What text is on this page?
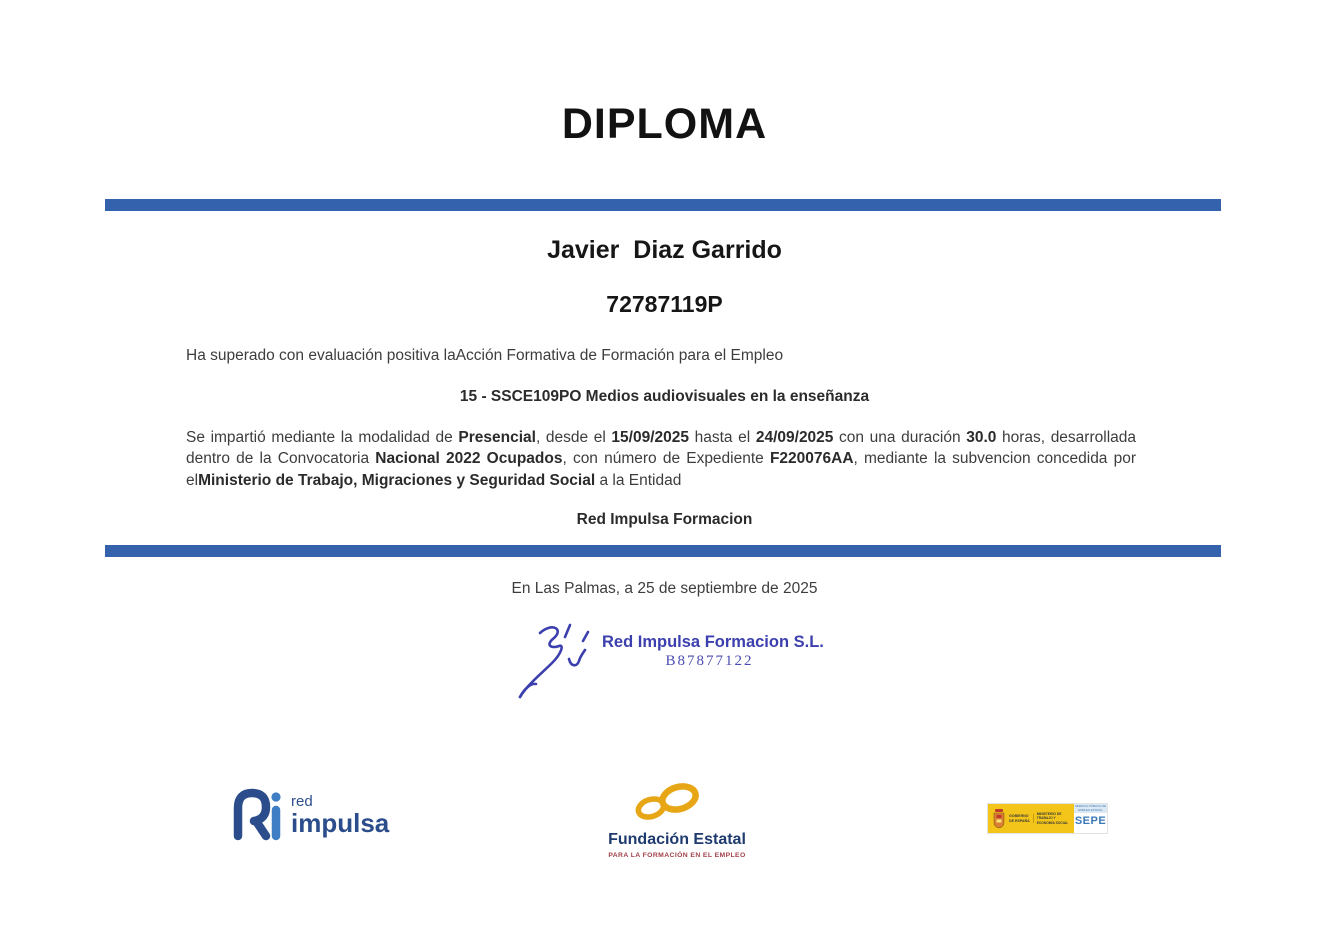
DIPLOMA
Javier  Diaz Garrido
72787119P
Ha superado con evaluación positiva laAcción Formativa de Formación para el Empleo
15 - SSCE109PO Medios audiovisuales en la enseñanza
Se impartió mediante la modalidad de Presencial, desde el 15/09/2025 hasta el 24/09/2025 con una duración 30.0 horas, desarrollada dentro de la Convocatoria Nacional 2022 Ocupados, con número de Expediente F220076AA, mediante la subvencion concedida por elMinisterio de Trabajo, Migraciones y Seguridad Social a la Entidad
Red Impulsa Formacion
En Las Palmas, a 25 de septiembre de 2025
Red Impulsa Formacion S.L.
B87877122
red
impulsa
Fundación Estatal
PARA LA FORMACIÓN EN EL EMPLEO
GOBIERNO
DE ESPAÑA
MINISTERIO DE TRABAJO Y ECONOMÍA SOCIAL
SERVICIO PÚBLICO DE EMPLEO ESTATAL
SEPE
